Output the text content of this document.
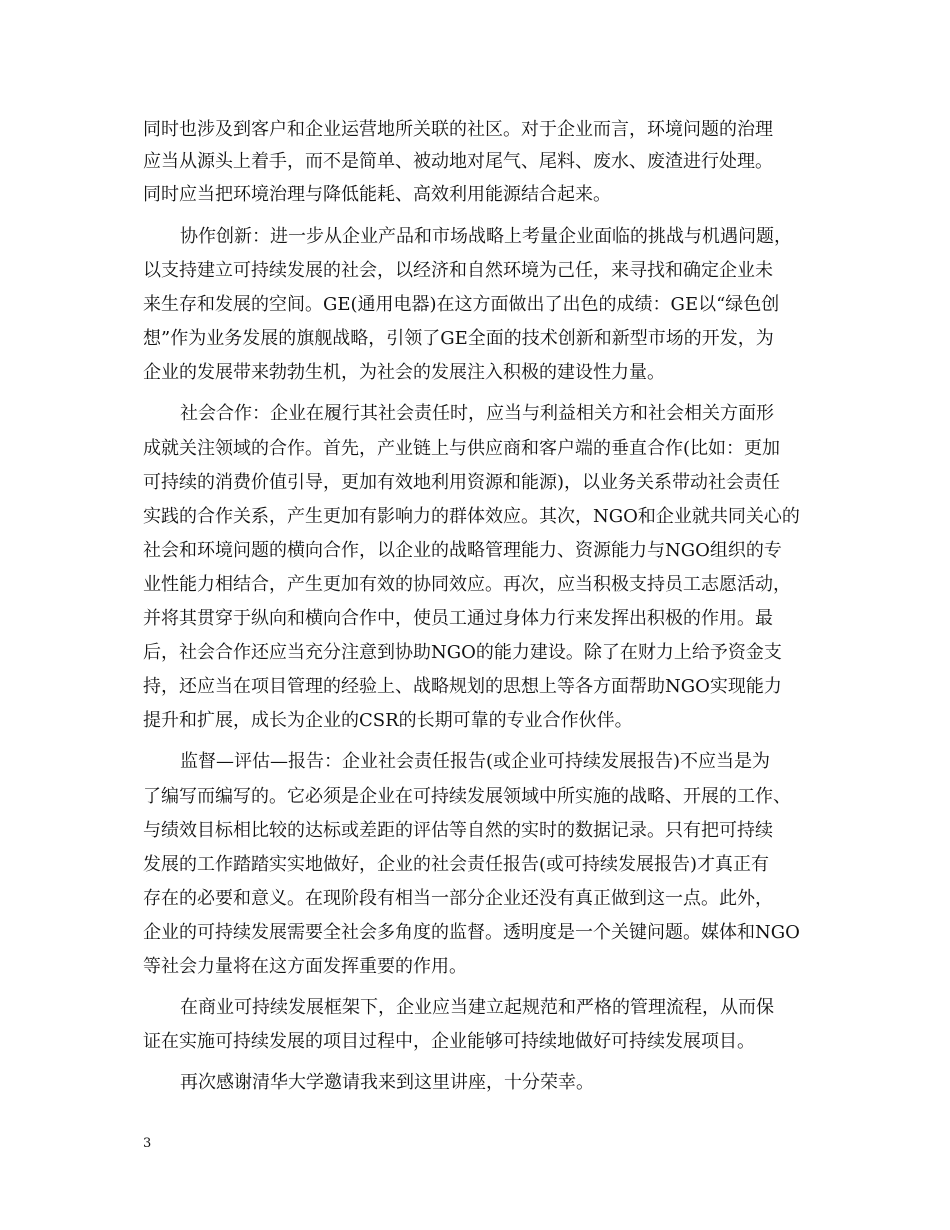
同时也涉及到客户和企业运营地所关联的社区。对于企业而言，环境问题的治理
应当从源头上着手，而不是简单、被动地对尾气、尾料、废水、废渣进行处理。
同时应当把环境治理与降低能耗、高效利用能源结合起来。
协作创新：进一步从企业产品和市场战略上考量企业面临的挑战与机遇问题，
以支持建立可持续发展的社会，以经济和自然环境为己任，来寻找和确定企业未
来生存和发展的空间。GE(通用电器)在这方面做出了出色的成绩：GE以“绿色创
想”作为业务发展的旗舰战略，引领了GE全面的技术创新和新型市场的开发，为
企业的发展带来勃勃生机，为社会的发展注入积极的建设性力量。
社会合作：企业在履行其社会责任时，应当与利益相关方和社会相关方面形
成就关注领域的合作。首先，产业链上与供应商和客户端的垂直合作(比如：更加
可持续的消费价值引导，更加有效地利用资源和能源)，以业务关系带动社会责任
实践的合作关系，产生更加有影响力的群体效应。其次，NGO和企业就共同关心的
社会和环境问题的横向合作，以企业的战略管理能力、资源能力与NGO组织的专
业性能力相结合，产生更加有效的协同效应。再次，应当积极支持员工志愿活动，
并将其贯穿于纵向和横向合作中，使员工通过身体力行来发挥出积极的作用。最
后，社会合作还应当充分注意到协助NGO的能力建设。除了在财力上给予资金支
持，还应当在项目管理的经验上、战略规划的思想上等各方面帮助NGO实现能力
提升和扩展，成长为企业的CSR的长期可靠的专业合作伙伴。
监督—评估—报告：企业社会责任报告(或企业可持续发展报告)不应当是为
了编写而编写的。它必须是企业在可持续发展领域中所实施的战略、开展的工作、
与绩效目标相比较的达标或差距的评估等自然的实时的数据记录。只有把可持续
发展的工作踏踏实实地做好，企业的社会责任报告(或可持续发展报告)才真正有
存在的必要和意义。在现阶段有相当一部分企业还没有真正做到这一点。此外，
企业的可持续发展需要全社会多角度的监督。透明度是一个关键问题。媒体和NGO
等社会力量将在这方面发挥重要的作用。
在商业可持续发展框架下，企业应当建立起规范和严格的管理流程，从而保
证在实施可持续发展的项目过程中，企业能够可持续地做好可持续发展项目。
再次感谢清华大学邀请我来到这里讲座，十分荣幸。
3
